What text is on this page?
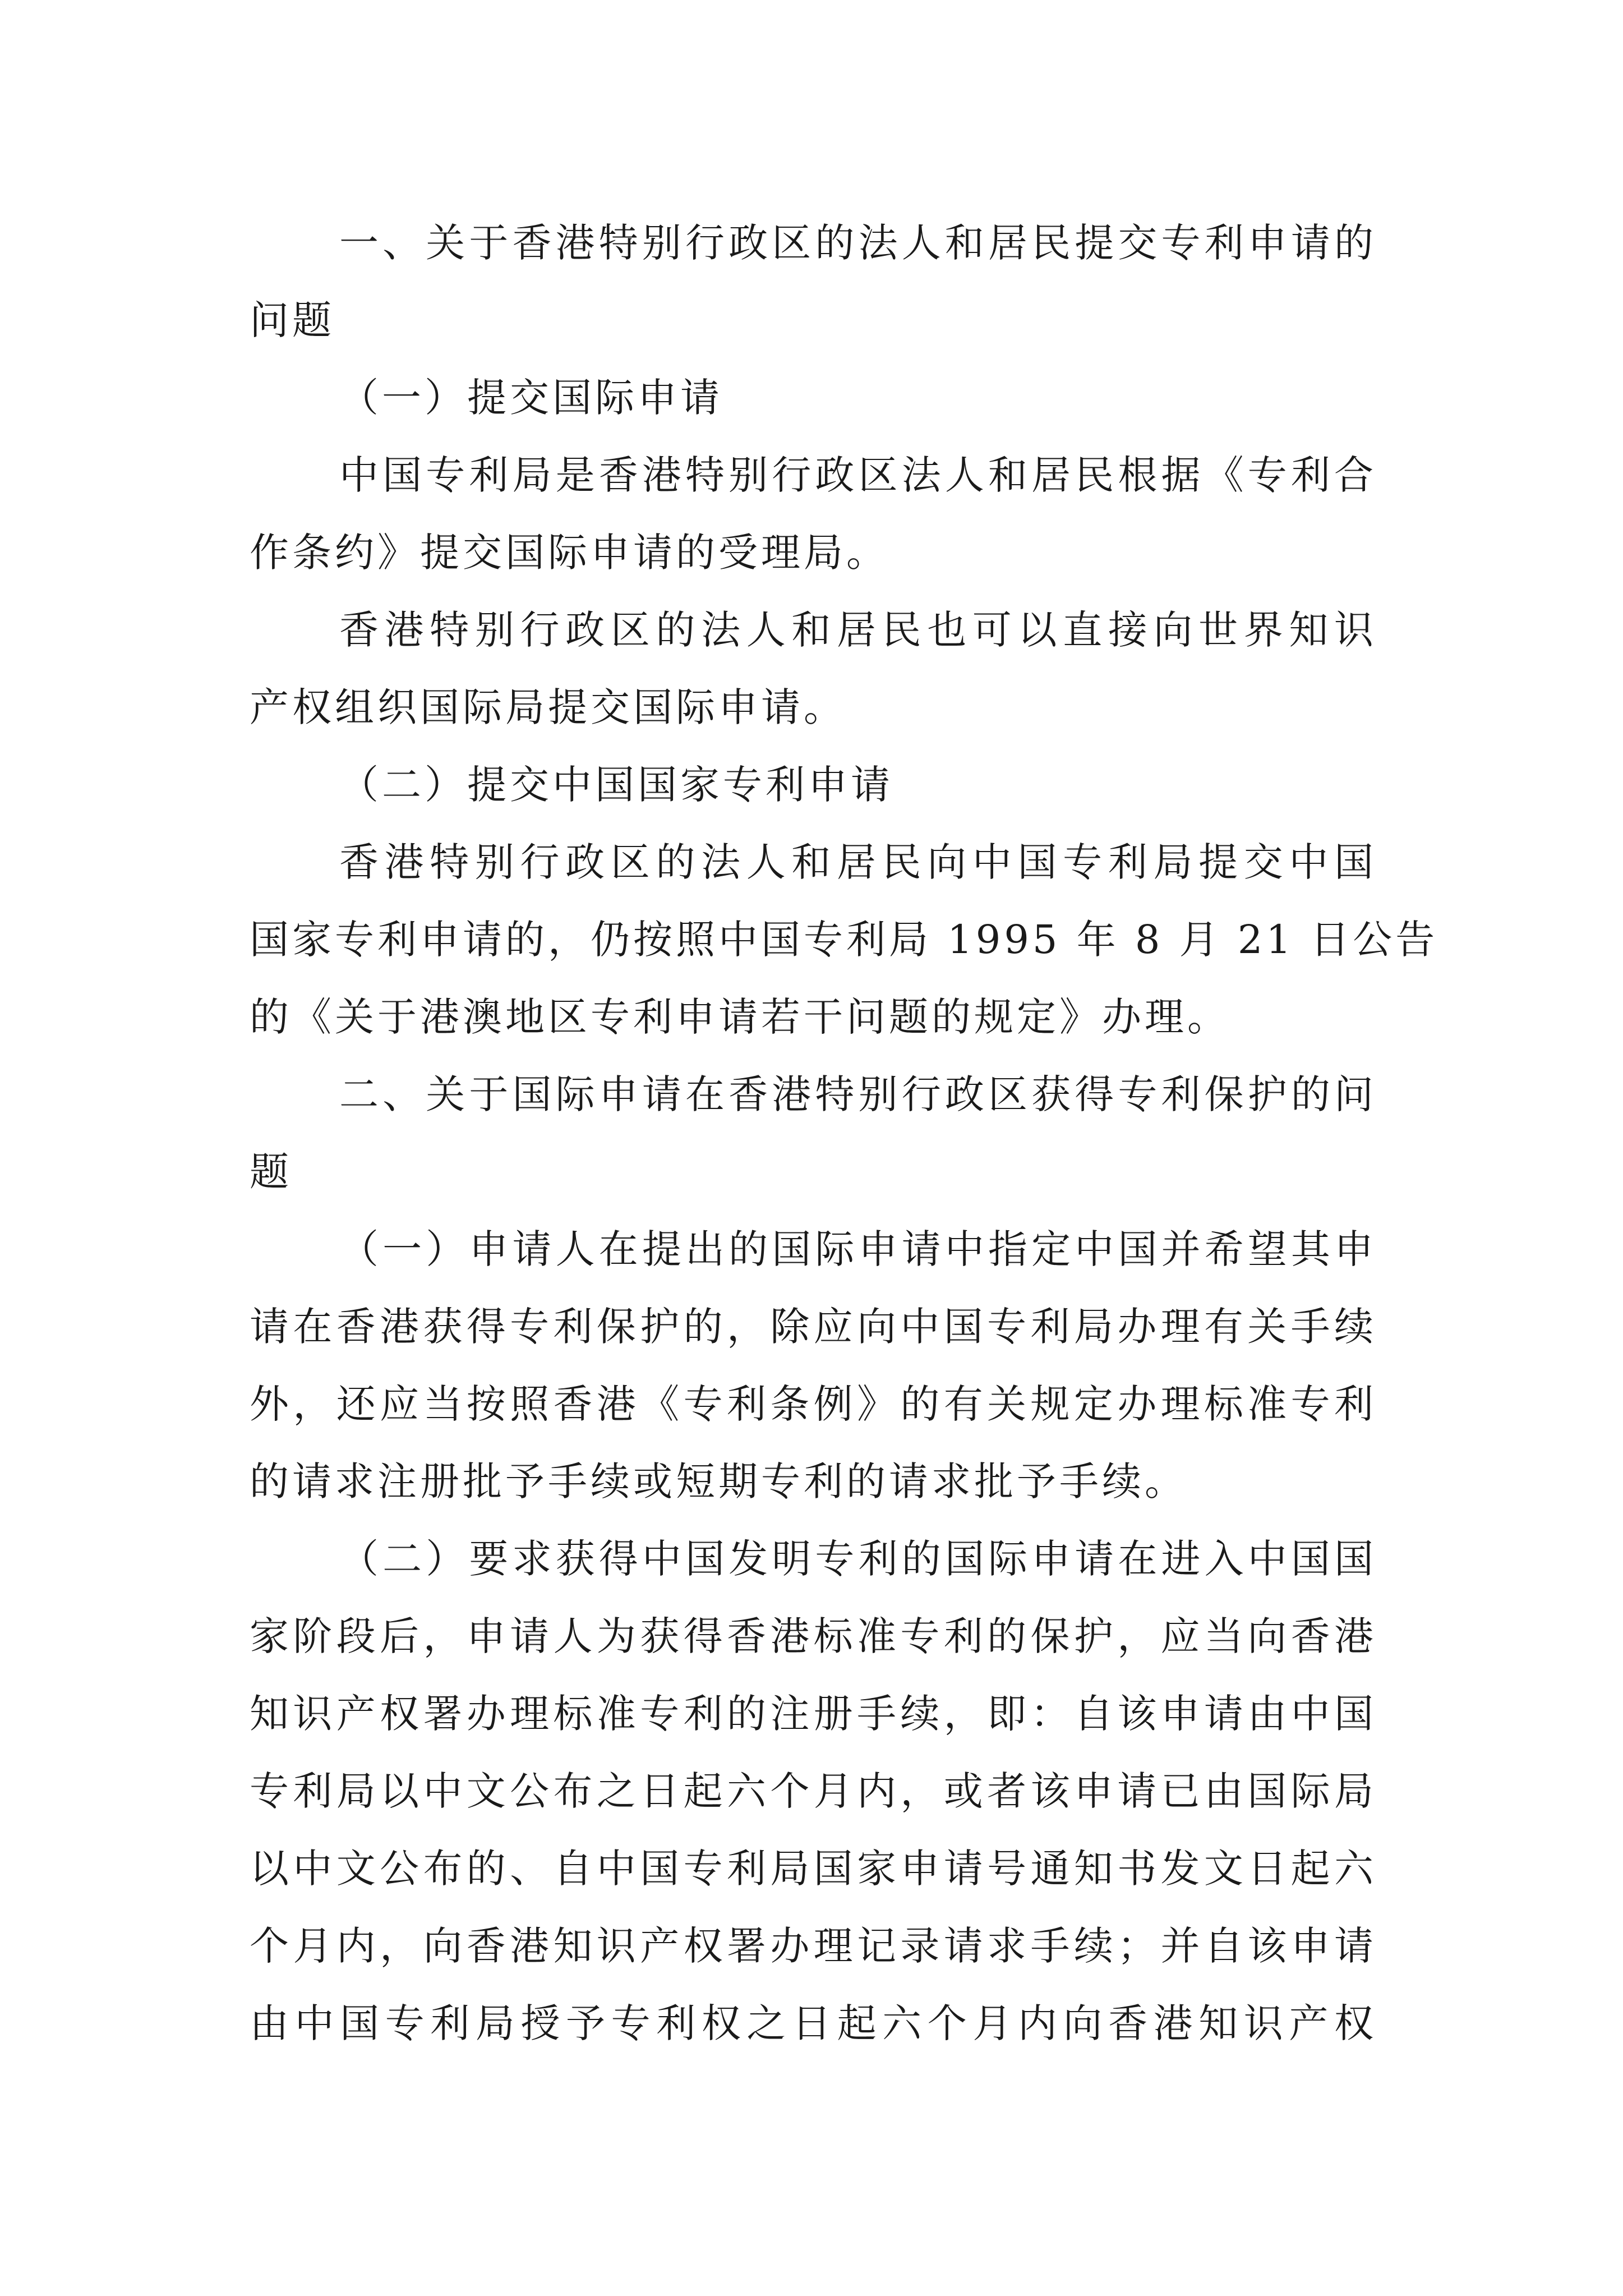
一、关于香港特别行政区的法人和居民提交专利申请的
问题
（一）提交国际申请
中国专利局是香港特别行政区法人和居民根据《专利合
作条约》提交国际申请的受理局。
香港特别行政区的法人和居民也可以直接向世界知识
产权组织国际局提交国际申请。
（二）提交中国国家专利申请
香港特别行政区的法人和居民向中国专利局提交中国
国家专利申请的，仍按照中国专利局 1995 年 8 月 21 日公告
的《关于港澳地区专利申请若干问题的规定》办理。
二、关于国际申请在香港特别行政区获得专利保护的问
题
（一）申请人在提出的国际申请中指定中国并希望其申
请在香港获得专利保护的，除应向中国专利局办理有关手续
外，还应当按照香港《专利条例》的有关规定办理标准专利
的请求注册批予手续或短期专利的请求批予手续。
（二）要求获得中国发明专利的国际申请在进入中国国
家阶段后，申请人为获得香港标准专利的保护，应当向香港
知识产权署办理标准专利的注册手续，即：自该申请由中国
专利局以中文公布之日起六个月内，或者该申请已由国际局
以中文公布的、自中国专利局国家申请号通知书发文日起六
个月内，向香港知识产权署办理记录请求手续；并自该申请
由中国专利局授予专利权之日起六个月内向香港知识产权
